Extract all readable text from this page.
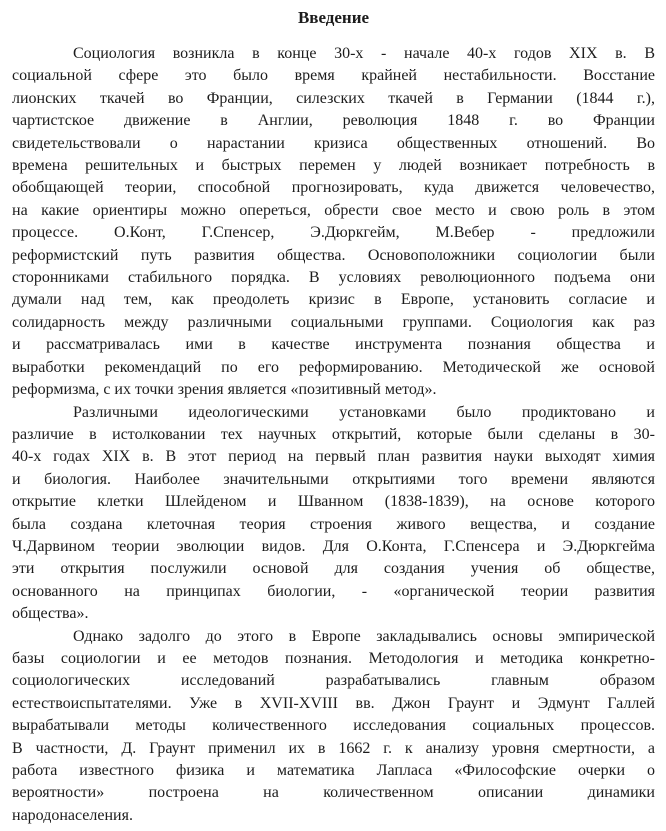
Введение
Социология возникла в конце 30-х - начале 40-х годов XIX в. В
социальной сфере это было время крайней нестабильности. Восстание
лионских ткачей во Франции, силезских ткачей в Германии (1844 г.),
чартистское движение в Англии, революция 1848 г. во Франции
свидетельствовали о нарастании кризиса общественных отношений. Во
времена решительных и быстрых перемен у людей возникает потребность в
обобщающей теории, способной прогнозировать, куда движется человечество,
на какие ориентиры можно опереться, обрести свое место и свою роль в этом
процессе. О.Конт, Г.Спенсер, Э.Дюркгейм, М.Вебер - предложили
реформистский путь развития общества. Основоположники социологии были
сторонниками стабильного порядка. В условиях революционного подъема они
думали над тем, как преодолеть кризис в Европе, установить согласие и
солидарность между различными социальными группами. Социология как раз
и рассматривалась ими в качестве инструмента познания общества и
выработки рекомендаций по его реформированию. Методической же основой
реформизма, с их точки зрения является «позитивный метод».
Различными идеологическими установками было продиктовано и
различие в истолковании тех научных открытий, которые были сделаны в 30-
40-х годах XIX в. В этот период на первый план развития науки выходят химия
и биология. Наиболее значительными открытиями того времени являются
открытие клетки Шлейденом и Шванном (1838-1839), на основе которого
была создана клеточная теория строения живого вещества, и создание
Ч.Дарвином теории эволюции видов. Для О.Конта, Г.Спенсера и Э.Дюркгейма
эти открытия послужили основой для создания учения об обществе,
основанного на принципах биологии, - «органической теории развития
общества».
Однако задолго до этого в Европе закладывались основы эмпирической
базы социологии и ее методов познания. Методология и методика конкретно-
социологических исследований разрабатывались главным образом
естествоиспытателями. Уже в XVII-XVIII вв. Джон Граунт и Эдмунт Галлей
вырабатывали методы количественного исследования социальных процессов.
В частности, Д. Граунт применил их в 1662 г. к анализу уровня смертности, а
работа известного физика и математика Лапласа «Философские очерки о
вероятности» построена на количественном описании динамики
народонаселения.
